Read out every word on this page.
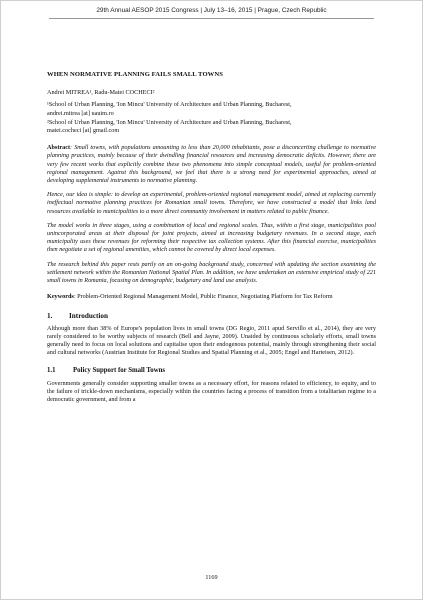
29th Annual AESOP 2015 Congress | July 13–16, 2015 | Prague, Czech Republic
WHEN NORMATIVE PLANNING FAILS SMALL TOWNS
Andrei MITREA¹, Radu-Matei COCHECI²
¹School of Urban Planning, 'Ion Mincu' University of Architecture and Urban Planning, Bucharest,
andrei.mitrea [at] uauim.ro
²School of Urban Planning, 'Ion Mincu' University of Architecture and Urban Planning, Bucharest,
matei.cocheci [at] gmail.com
Abstract: Small towns, with populations amounting to less than 20,000 inhabitants, pose a disconcerting challenge to normative planning practices, mainly because of their dwindling financial resources and increasing democratic deficits. However, there are very few recent works that explicitly combine these two phenomena into simple conceptual models, useful for problem-oriented regional management. Against this background, we feel that there is a strong need for experimental approaches, aimed at developing supplemental instruments to normative planning.

Hence, our idea is simple: to develop an experimental, problem-oriented regional management model, aimed at replacing currently ineffectual normative planning practices for Romanian small towns. Therefore, we have constructed a model that links land resources available to municipalities to a more direct community involvement in matters related to public finance.

The model works in three stages, using a combination of local and regional scales. Thus, within a first stage, municipalities pool unincorporated areas at their disposal for joint projects, aimed at increasing budgetary revenues. In a second stage, each municipality uses these revenues for reforming their respective tax collection systems. After this financial exercise, municipalities then negotiate a set of regional amenities, which cannot be covered by direct local expenses.

The research behind this paper rests partly on an on-going background study, concerned with updating the section examining the settlement network within the Romanian National Spatial Plan. In addition, we have undertaken an extensive empirical study of 221 small towns in Romania, focusing on demographic, budgetary and land use analysis.

Keywords: Problem-Oriented Regional Management Model, Public Finance, Negotiating Platform for Tax Reform
1. Introduction

Although more than 38% of Europe's population lives in small towns (DG Regio, 2011 apud Servillo et al., 2014), they are very rarely considered to be worthy subjects of research (Bell and Jayne, 2009). Unaided by continuous scholarly efforts, small towns generally need to focus on local solutions and capitalise upon their endogenous potential, mainly through strengthening their social and cultural networks (Austrian Institute for Regional Studies and Spatial Planning et al., 2005; Engel and Harteisen, 2012).

1.1	Policy Support for Small Towns

Governments generally consider supporting smaller towns as a necessary effort, for reasons related to efficiency, to equity, and to the failure of trickle-down mechanisms, especially within the countries facing a process of transition from a totalitarian regime to a democratic government, and from a

1169
